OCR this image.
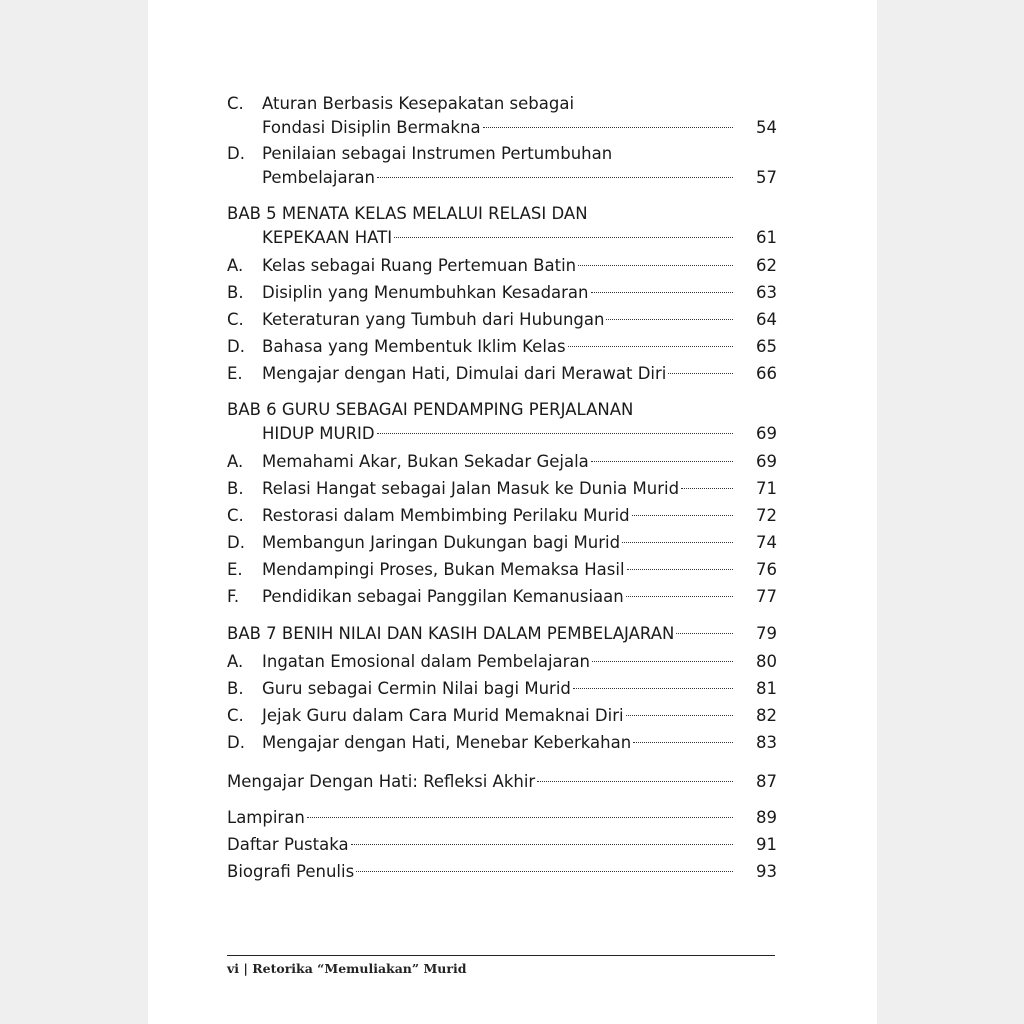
C.	Aturan Berbasis Kesepakatan sebagai
Fondasi Disiplin Bermakna	54
D.	Penilaian sebagai Instrumen Pertumbuhan
Pembelajaran	57
BAB 5 MENATA KELAS MELALUI RELASI DAN
KEPEKAAN HATI	61
A.	Kelas sebagai Ruang Pertemuan Batin	62
B.	Disiplin yang Menumbuhkan Kesadaran	63
C.	Keteraturan yang Tumbuh dari Hubungan	64
D.	Bahasa yang Membentuk Iklim Kelas	65
E.	Mengajar dengan Hati, Dimulai dari Merawat Diri	66
BAB 6 GURU SEBAGAI PENDAMPING PERJALANAN
HIDUP MURID	69
A.	Memahami Akar, Bukan Sekadar Gejala	69
B.	Relasi Hangat sebagai Jalan Masuk ke Dunia Murid	71
C.	Restorasi dalam Membimbing Perilaku Murid	72
D.	Membangun Jaringan Dukungan bagi Murid	74
E.	Mendampingi Proses, Bukan Memaksa Hasil	76
F.	Pendidikan sebagai Panggilan Kemanusiaan	77
BAB 7 BENIH NILAI DAN KASIH DALAM PEMBELAJARAN	79
A.	Ingatan Emosional dalam Pembelajaran	80
B.	Guru sebagai Cermin Nilai bagi Murid	81
C.	Jejak Guru dalam Cara Murid Memaknai Diri	82
D.	Mengajar dengan Hati, Menebar Keberkahan	83
Mengajar Dengan Hati: Refleksi Akhir	87
Lampiran	89
Daftar Pustaka	91
Biografi Penulis	93
vi | Retorika “Memuliakan” Murid
